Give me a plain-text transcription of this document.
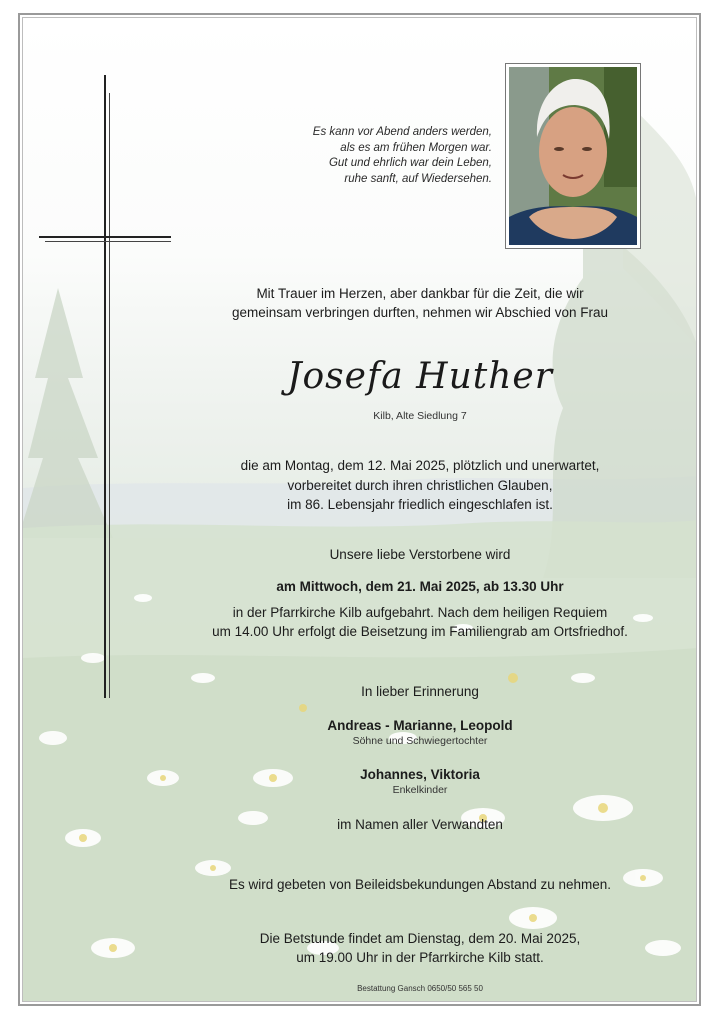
Es kann vor Abend anders werden,
als es am frühen Morgen war.
Gut und ehrlich war dein Leben,
ruhe sanft, auf Wiedersehen.
Mit Trauer im Herzen, aber dankbar für die Zeit, die wir
gemeinsam verbringen durften, nehmen wir Abschied von Frau
Josefa Huther
Kilb, Alte Siedlung 7
die am Montag, dem 12. Mai 2025, plötzlich und unerwartet,
vorbereitet durch ihren christlichen Glauben,
im 86. Lebensjahr friedlich eingeschlafen ist.
Unsere liebe Verstorbene wird
am Mittwoch, dem 21. Mai 2025, ab 13.30 Uhr
in der Pfarrkirche Kilb aufgebahrt. Nach dem heiligen Requiem
um 14.00 Uhr erfolgt die Beisetzung im Familiengrab am Ortsfriedhof.
In lieber Erinnerung
Andreas - Marianne, Leopold
Söhne und Schwiegertochter
Johannes, Viktoria
Enkelkinder
im Namen aller Verwandten
Es wird gebeten von Beileidsbekundungen Abstand zu nehmen.
Die Betstunde findet am Dienstag, dem 20. Mai 2025,
um 19.00 Uhr in der Pfarrkirche Kilb statt.
Bestattung Gansch 0650/50 565 50
